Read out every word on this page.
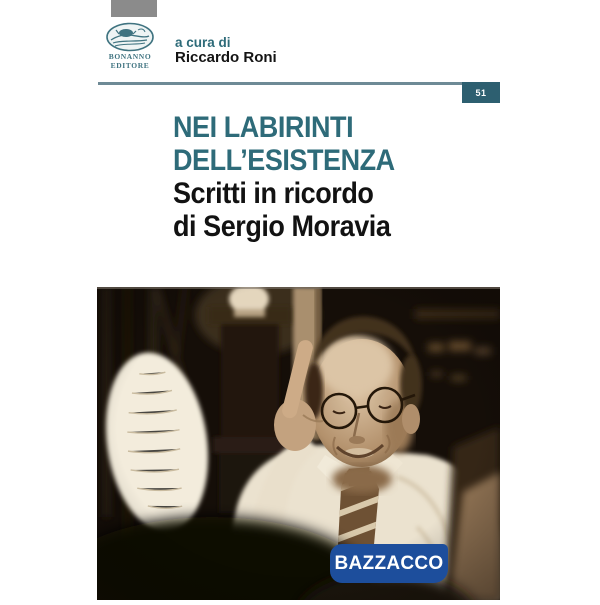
BONANNO
EDITORE
a cura di
Riccardo Roni
51
NEI LABIRINTI
DELL’ESISTENZA
Scritti in ricordo
di Sergio Moravia
BAZZACCO
